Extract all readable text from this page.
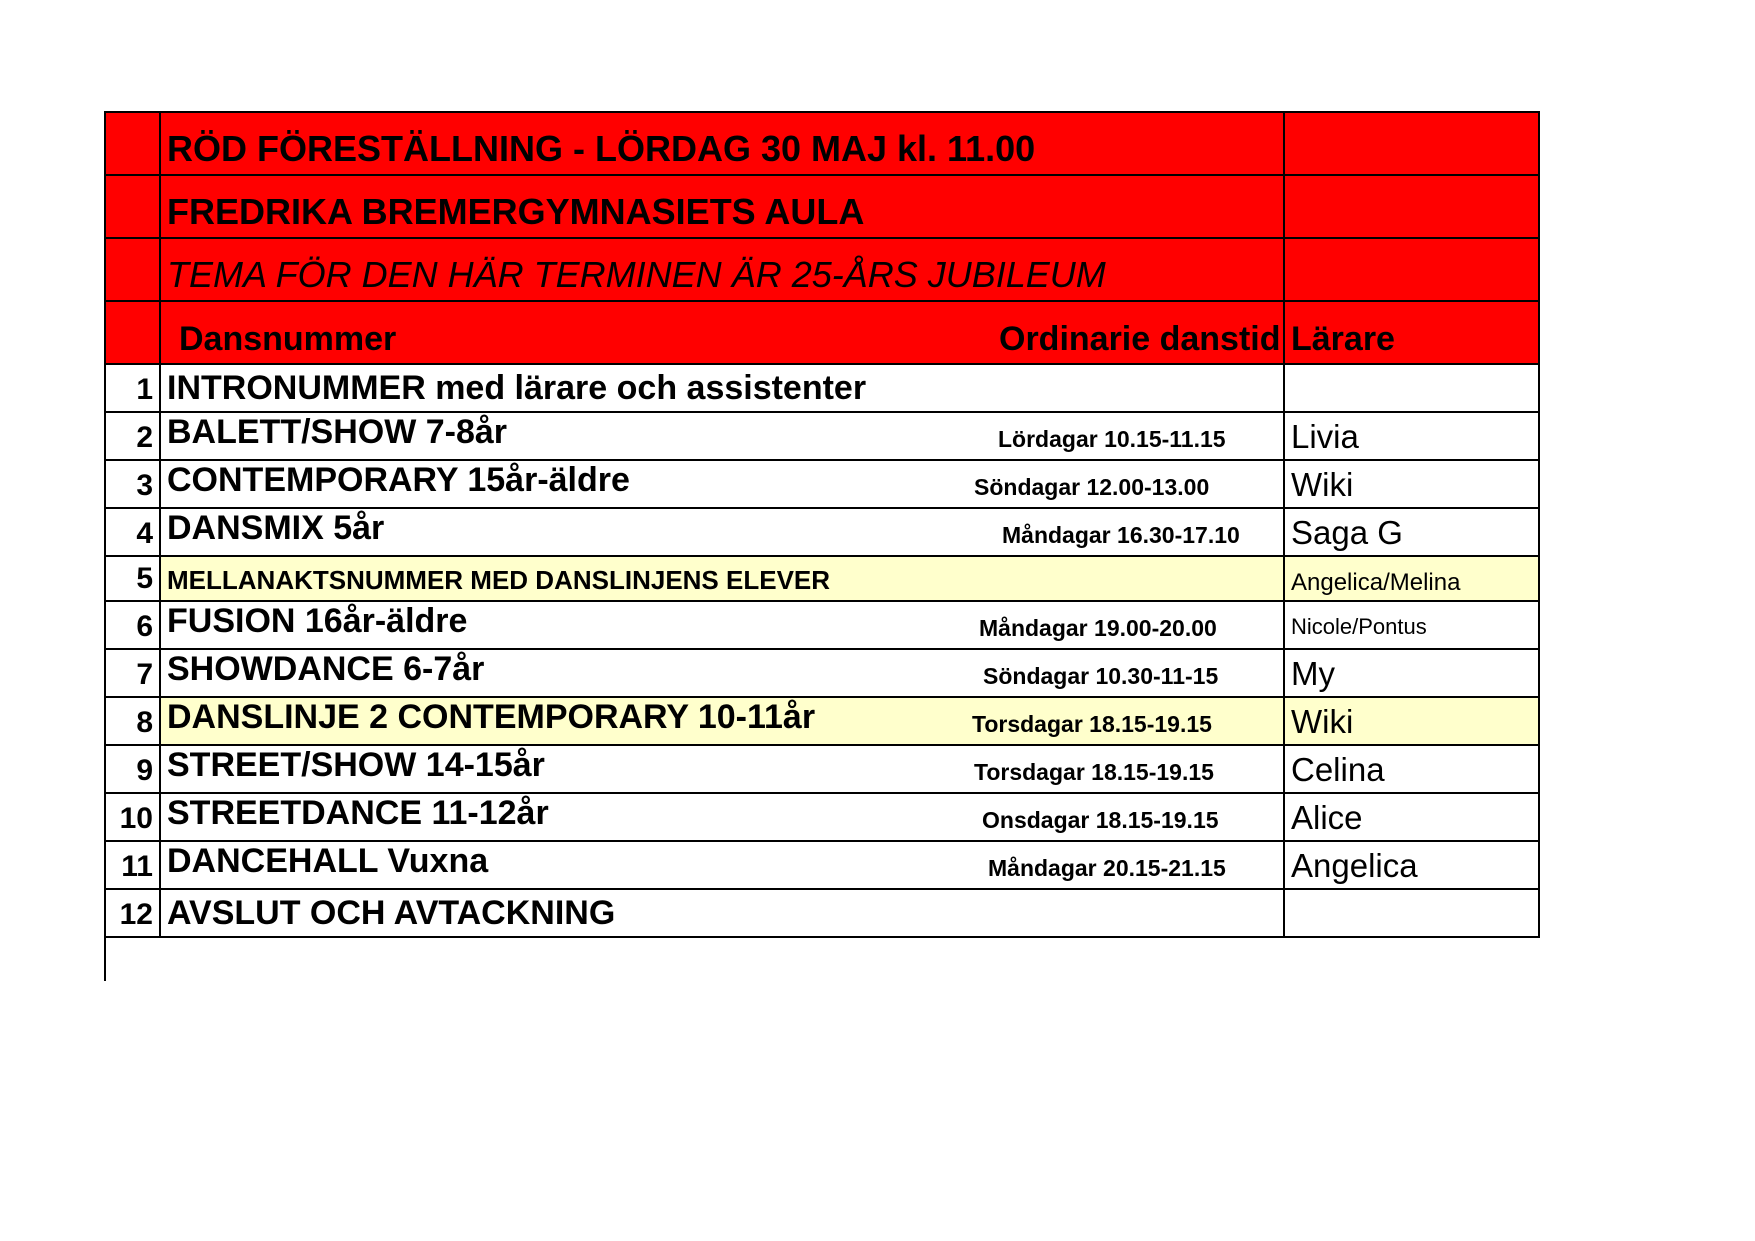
RÖD FÖRESTÄLLNING - LÖRDAG 30 MAJ kl. 11.00
FREDRIKA BREMERGYMNASIETS AULA
TEMA FÖR DEN HÄR TERMINEN ÄR 25-ÅRS JUBILEUM
Dansnummer	Ordinarie danstid Lärare
1 INTRONUMMER med lärare och assistenter
2 BALETT/SHOW 7-8år	Lördagar 10.15-11.15 Livia
3 CONTEMPORARY 15år-äldre	Söndagar 12.00-13.00 Wiki
4 DANSMIX 5år	Måndagar 16.30-17.10 Saga G
5 MELLANAKTSNUMMER MED DANSLINJENS ELEVER	Angelica/Melina
6 FUSION 16år-äldre	Måndagar 19.00-20.00	Nicole/Pontus
7 SHOWDANCE 6-7år	Söndagar 10.30-11-15 My
8 DANSLINJE 2 CONTEMPORARY 10-11år	Torsdagar 18.15-19.15 Wiki
9 STREET/SHOW 14-15år	Torsdagar 18.15-19.15 Celina
10 STREETDANCE 11-12år	Onsdagar 18.15-19.15 Alice
11 DANCEHALL Vuxna	Måndagar 20.15-21.15 Angelica
12 AVSLUT OCH AVTACKNING
